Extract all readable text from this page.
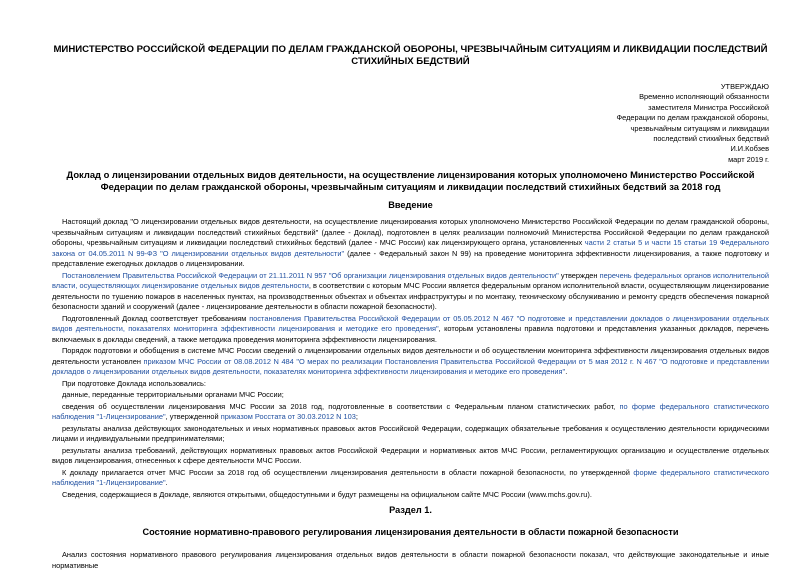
МИНИСТЕРСТВО РОССИЙСКОЙ ФЕДЕРАЦИИ ПО ДЕЛАМ ГРАЖДАНСКОЙ ОБОРОНЫ, ЧРЕЗВЫЧАЙНЫМ СИТУАЦИЯМ И ЛИКВИДАЦИИ ПОСЛЕДСТВИЙ СТИХИЙНЫХ БЕДСТВИЙ
УТВЕРЖДАЮ
Временно исполняющий обязанности
заместителя Министра Российской
Федерации по делам гражданской обороны,
чрезвычайным ситуациям и ликвидации
последствий стихийных бедствий
И.И.Кобзев
март 2019 г.
Доклад о лицензировании отдельных видов деятельности, на осуществление лицензирования которых уполномочено Министерство Российской Федерации по делам гражданской обороны, чрезвычайным ситуациям и ликвидации последствий стихийных бедствий за 2018 год
Введение

Настоящий доклад "О лицензировании отдельных видов деятельности, на осуществление лицензирования которых уполномочено Министерство Российской Федерации по делам гражданской обороны, чрезвычайным ситуациям и ликвидации последствий стихийных бедствий" (далее - Доклад), подготовлен в целях реализации полномочий Министерства Российской Федерации по делам гражданской обороны, чрезвычайным ситуациям и ликвидации последствий стихийных бедствий (далее - МЧС России) как лицензирующего органа, установленных части 2 статьи 5 и части 15 статьи 19 Федерального закона от 04.05.2011 N 99-ФЗ "О лицензировании отдельных видов деятельности" (далее - Федеральный закон N 99) на проведение мониторинга эффективности лицензирования, а также подготовку и представление ежегодных докладов о лицензировании.

Постановлением Правительства Российской Федерации от 21.11.2011 N 957 "Об организации лицензирования отдельных видов деятельности" утвержден перечень федеральных органов исполнительной власти, осуществляющих лицензирование отдельных видов деятельности, в соответствии с которым МЧС России является федеральным органом исполнительной власти, осуществляющим лицензирование деятельности по тушению пожаров в населенных пунктах, на производственных объектах и объектах инфраструктуры и по монтажу, техническому обслуживанию и ремонту средств обеспечения пожарной безопасности зданий и сооружений (далее - лицензирование деятельности в области пожарной безопасности).

Подготовленный Доклад соответствует требованиям постановления Правительства Российской Федерации от 05.05.2012 N 467 "О подготовке и представлении докладов о лицензировании отдельных видов деятельности, показателях мониторинга эффективности лицензирования и методике его проведения", которым установлены правила подготовки и представления указанных докладов, перечень включаемых в доклады сведений, а также методика проведения мониторинга эффективности лицензирования.

Порядок подготовки и обобщения в системе МЧС России сведений о лицензировании отдельных видов деятельности и об осуществлении мониторинга эффективности лицензирования отдельных видов деятельности установлен приказом МЧС России от 08.08.2012 N 484 "О мерах по реализации Постановления Правительства Российской Федерации от 5 мая 2012 г. N 467 "О подготовке и представлении докладов о лицензировании отдельных видов деятельности, показателях мониторинга эффективности лицензирования и методике его проведения".

При подготовке Доклада использовались:

данные, переданные территориальными органами МЧС России;

сведения об осуществлении лицензирования МЧС России за 2018 год, подготовленные в соответствии с Федеральным планом статистических работ, по форме федерального статистического наблюдения "1-Лицензирование", утвержденной приказом Росстата от 30.03.2012 N 103;

результаты анализа действующих законодательных и иных нормативных правовых актов Российской Федерации, содержащих обязательные требования к осуществлению деятельности юридическими лицами и индивидуальными предпринимателями;

результаты анализа требований, действующих нормативных правовых актов Российской Федерации и нормативных актов МЧС России, регламентирующих организацию и осуществление отдельных видов лицензирования, отнесенных к сфере деятельности МЧС России.

К докладу прилагается отчет МЧС России за 2018 год об осуществлении лицензирования деятельности в области пожарной безопасности, по утвержденной форме федерального статистического наблюдения "1-Лицензирование".

Сведения, содержащиеся в Докладе, являются открытыми, общедоступными и будут размещены на официальном сайте МЧС России (www.mchs.gov.ru).

Раздел 1.
Состояние нормативно-правового регулирования лицензирования деятельности в области пожарной безопасности

Анализ состояния нормативного правового регулирования лицензирования отдельных видов деятельности в области пожарной безопасности показал, что действующие законодательные и иные нормативные
